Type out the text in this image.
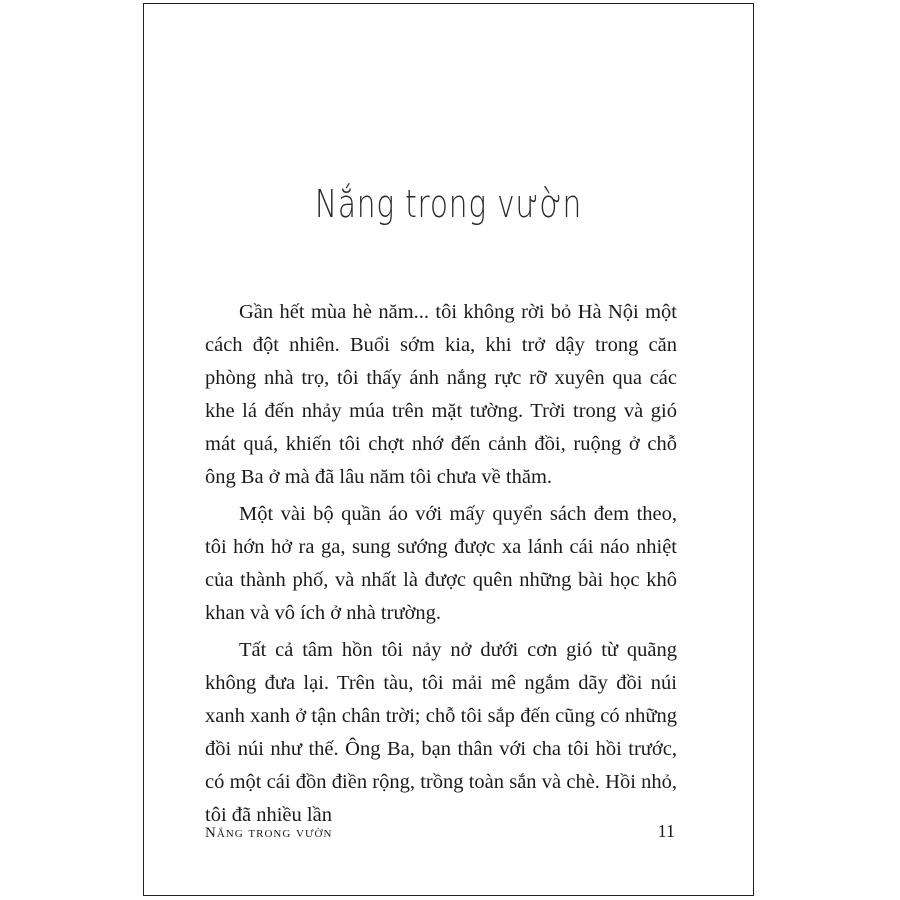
Nắng trong vườn

Gần hết mùa hè năm... tôi không rời bỏ Hà Nội một cách đột nhiên. Buổi sớm kia, khi trở dậy trong căn phòng nhà trọ, tôi thấy ánh nắng rực rỡ xuyên qua các khe lá đến nhảy múa trên mặt tường. Trời trong và gió mát quá, khiến tôi chợt nhớ đến cảnh đồi, ruộng ở chỗ ông Ba ở mà đã lâu năm tôi chưa về thăm.

Một vài bộ quần áo với mấy quyển sách đem theo, tôi hớn hở ra ga, sung sướng được xa lánh cái náo nhiệt của thành phố, và nhất là được quên những bài học khô khan và vô ích ở nhà trường.

Tất cả tâm hồn tôi nảy nở dưới cơn gió từ quãng không đưa lại. Trên tàu, tôi mải mê ngắm dãy đồi núi xanh xanh ở tận chân trời; chỗ tôi sắp đến cũng có những đồi núi như thế. Ông Ba, bạn thân với cha tôi hồi trước, có một cái đồn điền rộng, trồng toàn sắn và chè. Hồi nhỏ, tôi đã nhiều lần

Nắng trong vườn	11
